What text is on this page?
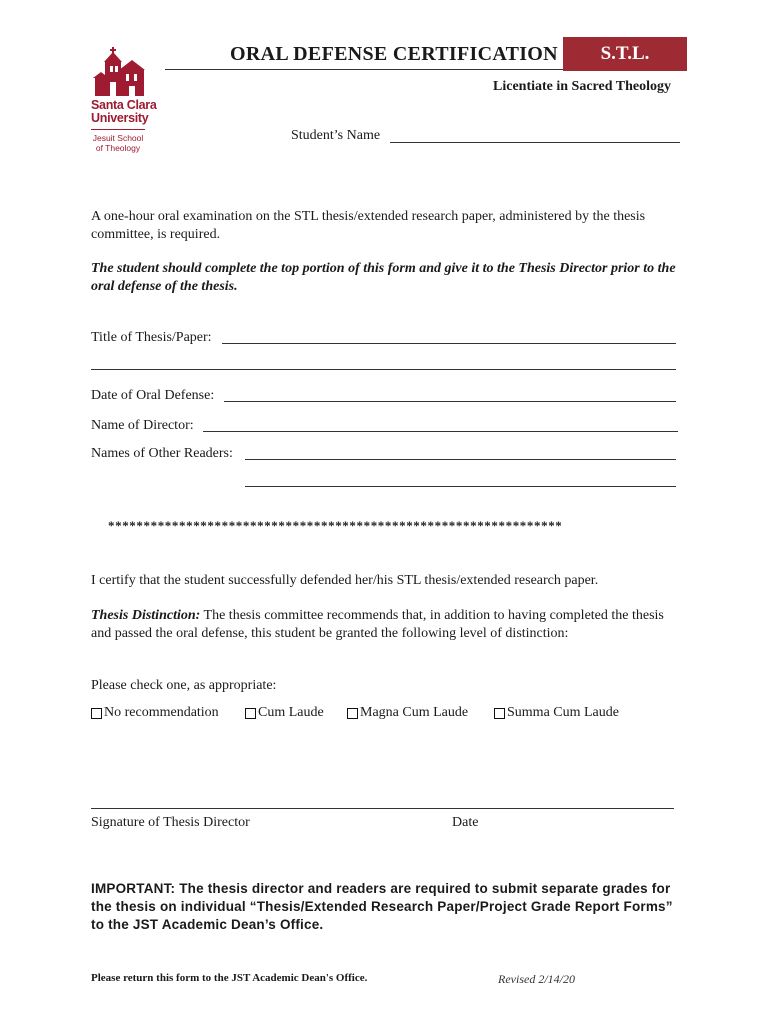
Santa Clara
University
Jesuit School
of Theology
ORAL DEFENSE CERTIFICATION	S.T.L.
Licentiate in Sacred Theology
Student’s Name
A one-hour oral examination on the STL thesis/extended research paper, administered by the thesis committee, is required.
The student should complete the top portion of this form and give it to the Thesis Director prior to the oral defense of the thesis.
Title of Thesis/Paper:
Date of Oral Defense:
Name of Director:
Names of Other Readers:
****************************************************************
I certify that the student successfully defended her/his STL thesis/extended research paper.
Thesis Distinction: The thesis committee recommends that, in addition to having completed the thesis and passed the oral defense, this student be granted the following level of distinction:
Please check one, as appropriate:
No recommendation	Cum Laude	Magna Cum Laude	Summa Cum Laude
Signature of Thesis Director	Date
IMPORTANT: The thesis director and readers are required to submit separate grades for the thesis on individual “Thesis/Extended Research Paper/Project Grade Report Forms” to the JST Academic Dean’s Office.
Please return this form to the JST Academic Dean's Office.	Revised 2/14/20
